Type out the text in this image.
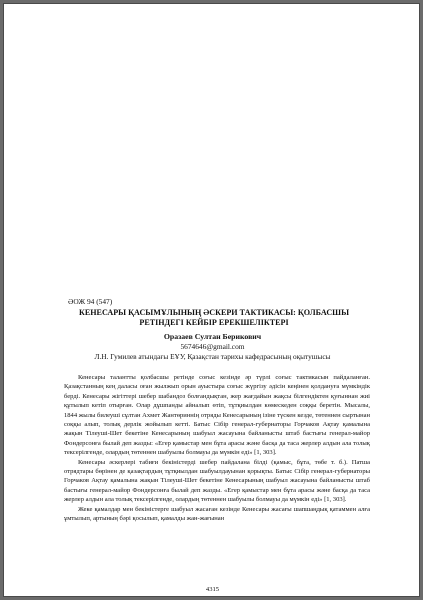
ӘОЖ 94 (547)
КЕНЕСАРЫ ҚАСЫМҰЛЫНЫҢ ӘСКЕРИ ТАКТИКАСЫ: ҚОЛБАСШЫ РЕТІНДЕГІ КЕЙБІР ЕРЕКШЕЛІКТЕРІ
Оразаев Султан Берикович
5674646@gmail.com
Л.Н. Гумилев атындағы ЕҰУ, Қазақстан тарихы кафедрасының оқытушысы

Кенесары талантты қолбасшы ретінде соғыс кезінде әр түрлі соғыс тактикасын пайдаланған. Қазақстанның кең даласы оған жылжып орын ауыстыра соғыс жүргізу әдісін кеңінен қолдануға мүмкіндік берді. Кенесары жігіттері шебер шабандоз болғандықтан, жер жағдайын жақсы білгендіктен қуғыннан жиі құтылып кетіп отырған. Олар дұшпанды айналып өтіп, тұтқиылдан көмескеден соққы беретін. Мысалы, 1844 жылы билеуші сұлтан Ахмет Жантөриннің отряды Кенесарының ізіне түскен кезде, төтеннен сыртынан соққы алып, толық дерлік жойылып кетті. Батыс Сібір генерал-губернаторы Горчаков Ақтау қамалына жақын Тілеуші-Шет бекетіне Кенесарының шабуыл жасауына байланысты штаб бастығы генерал-майор Фондерсонға былай деп жазды: «Егер қамыстар мен бұта арасы және басқа да таса жерлер алдын ала толық тексерілгенде, олардың төтеннен шабуылы болмауы да мүмкін еді» [1, 303].

Кенесары әскерлері табиғи бекіністерді шебер пайдалана білді (қамыс, бұта, төбе т. б.). Патша отрядтары бөрінен де қазақтардың тұтқиылдан шабуылдауынан қорықты. Батыс Сібір генерал-губернаторы Горчаков Ақтау қамалына жақын Тілеуші-Шет бекетіне Кенесарының шабуыл жасауына байланысты штаб бастығы генерал-майор Фондерсонға былай деп жазды. «Егер қамыстар мен бұта арасы және басқа да таса жерлер алдын ала толық тексерілгенде, олардың төтеннен шабуылы болмауы да мүмкін еді» [1, 303].

Жеке қамалдар мен бекіністерге шабуыл жасаған кезінде Кенесары жасағы шапшаңдық қатаммен алға ұмтылып, артының бәрі қосылып, қамалды жан-жағынан

4315
